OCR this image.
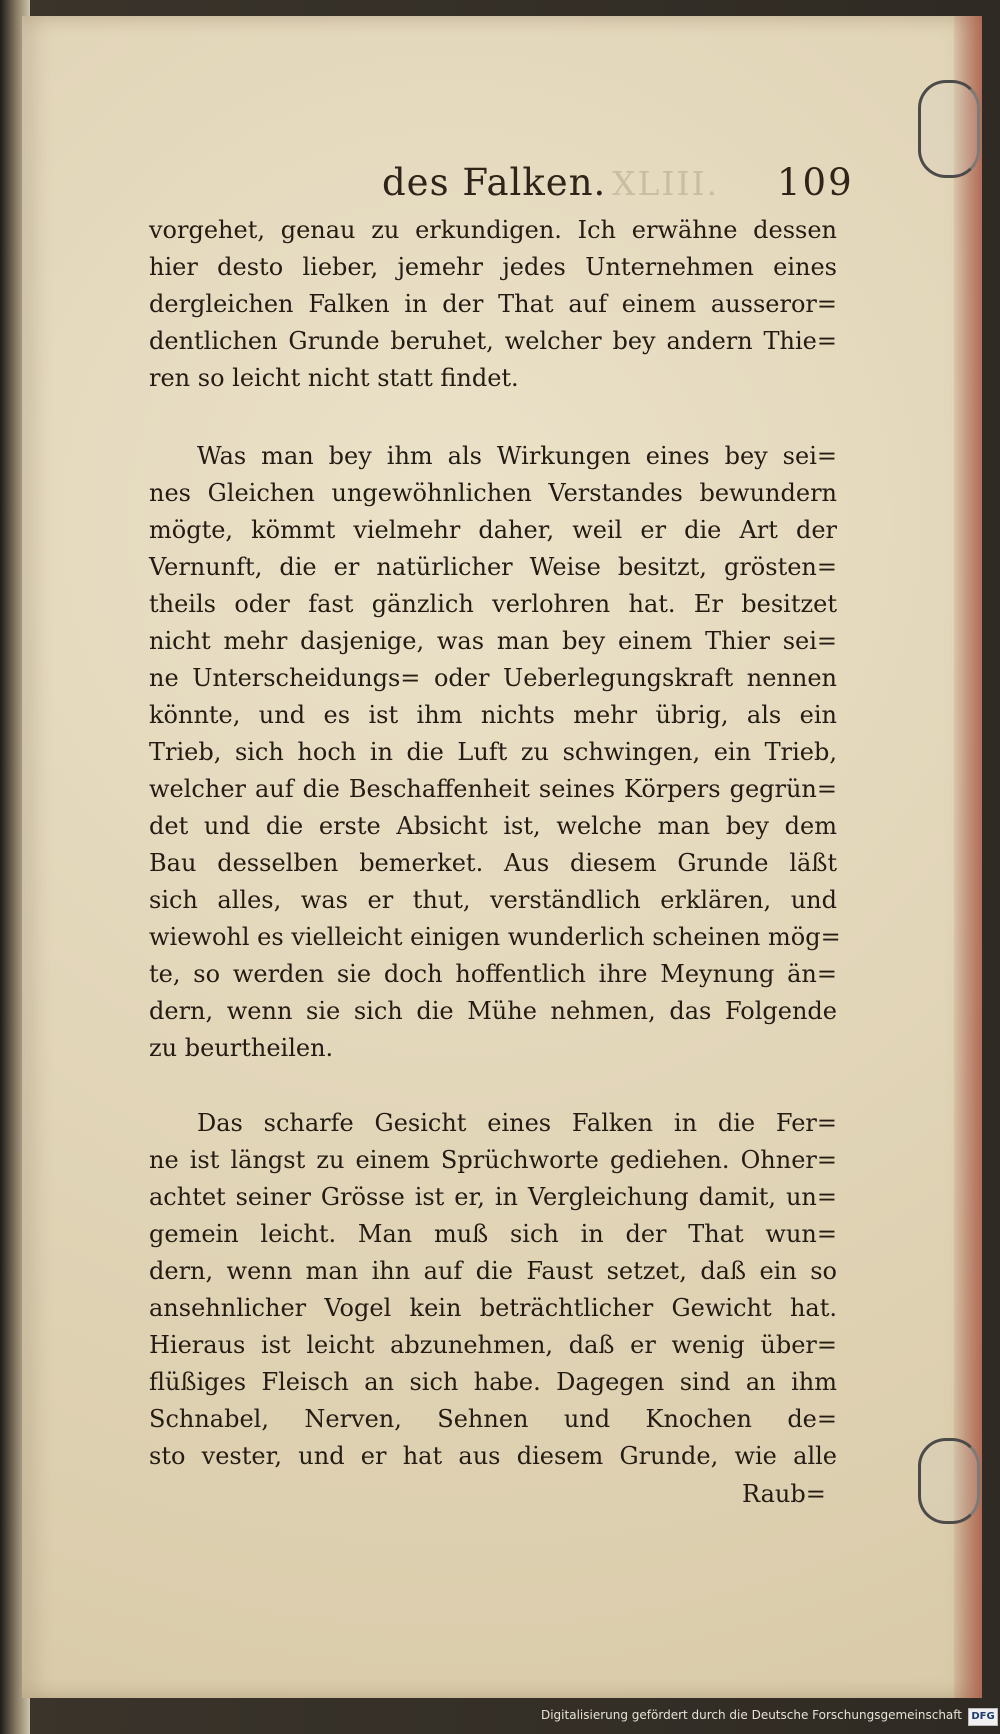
XLIII.
des Falken.	109
vorgehet, genau zu erkundigen. Ich erwähne dessen
hier desto lieber, jemehr jedes Unternehmen eines
dergleichen Falken in der That auf einem ausseror=
dentlichen Grunde beruhet, welcher bey andern Thie=
ren so leicht nicht statt findet.
Was man bey ihm als Wirkungen eines bey sei=
nes Gleichen ungewöhnlichen Verstandes bewundern
mögte, kömmt vielmehr daher, weil er die Art der
Vernunft, die er natürlicher Weise besitzt, grösten=
theils oder fast gänzlich verlohren hat. Er besitzet
nicht mehr dasjenige, was man bey einem Thier sei=
ne Unterscheidungs= oder Ueberlegungskraft nennen
könnte, und es ist ihm nichts mehr übrig, als ein
Trieb, sich hoch in die Luft zu schwingen, ein Trieb,
welcher auf die Beschaffenheit seines Körpers gegrün=
det und die erste Absicht ist, welche man bey dem
Bau desselben bemerket. Aus diesem Grunde läßt
sich alles, was er thut, verständlich erklären, und
wiewohl es vielleicht einigen wunderlich scheinen mög=
te, so werden sie doch hoffentlich ihre Meynung än=
dern, wenn sie sich die Mühe nehmen, das Folgende
zu beurtheilen.
Das scharfe Gesicht eines Falken in die Fer=
ne ist längst zu einem Sprüchworte gediehen. Ohner=
achtet seiner Grösse ist er, in Vergleichung damit, un=
gemein leicht. Man muß sich in der That wun=
dern, wenn man ihn auf die Faust setzet, daß ein so
ansehnlicher Vogel kein beträchtlicher Gewicht hat.
Hieraus ist leicht abzunehmen, daß er wenig über=
flüßiges Fleisch an sich habe. Dagegen sind an ihm
Schnabel, Nerven, Sehnen und Knochen de=
sto vester, und er hat aus diesem Grunde, wie alle
Raub=
Digitalisierung gefördert durch die Deutsche Forschungsgemeinschaft DFG
